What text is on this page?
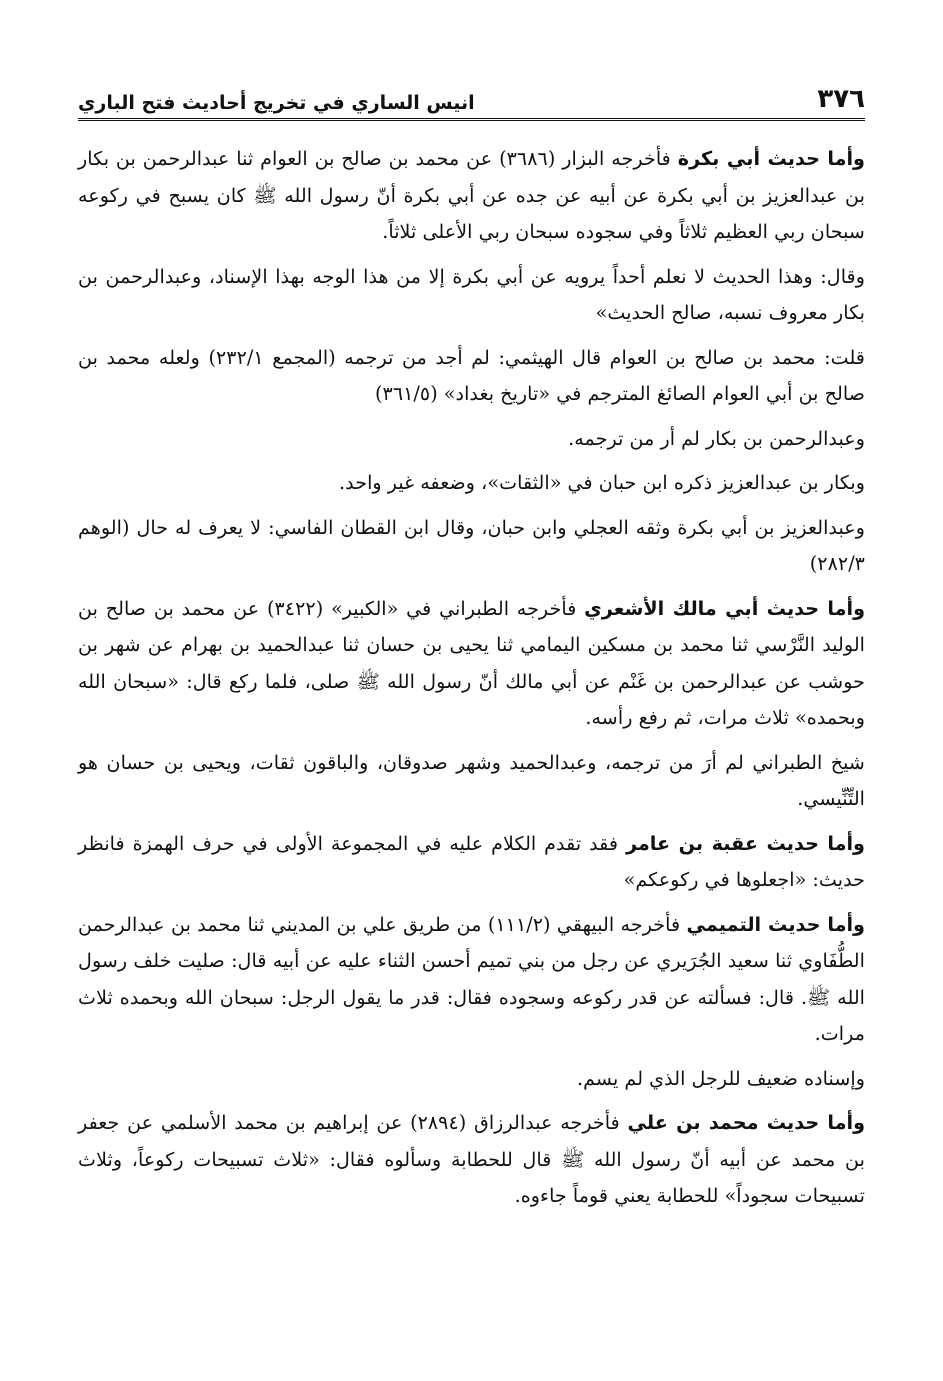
٣٧٦
انيس الساري في تخريج أحاديث فتح الباري

وأما حديث أبي بكرة فأخرجه البزار (٣٦٨٦) عن محمد بن صالح بن العوام ثنا عبدالرحمن بن بكار بن عبدالعزيز بن أبي بكرة عن أبيه عن جده عن أبي بكرة أنّ رسول الله ﷺ كان يسبح في ركوعه سبحان ربي العظيم ثلاثاً وفي سجوده سبحان ربي الأعلى ثلاثاً.

وقال: وهذا الحديث لا نعلم أحداً يرويه عن أبي بكرة إلا من هذا الوجه بهذا الإسناد، وعبدالرحمن بن بكار معروف نسبه، صالح الحديث»

قلت: محمد بن صالح بن العوام قال الهيثمي: لم أجد من ترجمه (المجمع ٢٣٢/١) ولعله محمد بن صالح بن أبي العوام الصائغ المترجم في «تاريخ بغداد» (٣٦١/٥)

وعبدالرحمن بن بكار لم أر من ترجمه.

وبكار بن عبدالعزيز ذكره ابن حبان في «الثقات»، وضعفه غير واحد.

وعبدالعزيز بن أبي بكرة وثقه العجلي وابن حبان، وقال ابن القطان الفاسي: لا يعرف له حال (الوهم ٢٨٢/٣)

وأما حديث أبي مالك الأشعري فأخرجه الطبراني في «الكبير» (٣٤٢٢) عن محمد بن صالح بن الوليد النَّرْسي ثنا محمد بن مسكين اليمامي ثنا يحيى بن حسان ثنا عبدالحميد بن بهرام عن شهر بن حوشب عن عبدالرحمن بن غَنْم عن أبي مالك أنّ رسول الله ﷺ صلى، فلما ركع قال: «سبحان الله وبحمده» ثلاث مرات، ثم رفع رأسه.

شيخ الطبراني لم أرَ من ترجمه، وعبدالحميد وشهر صدوقان، والباقون ثقات، ويحيى بن حسان هو التِّنِّيسي.

وأما حديث عقبة بن عامر فقد تقدم الكلام عليه في المجموعة الأولى في حرف الهمزة فانظر حديث: «اجعلوها في ركوعكم»

وأما حديث التميمي فأخرجه البيهقي (١١١/٢) من طريق علي بن المديني ثنا محمد بن عبدالرحمن الطُّفَاوي ثنا سعيد الجُرَيري عن رجل من بني تميم أحسن الثناء عليه عن أبيه قال: صليت خلف رسول الله ﷺ. قال: فسألته عن قدر ركوعه وسجوده فقال: قدر ما يقول الرجل: سبحان الله وبحمده ثلاث مرات.

وإسناده ضعيف للرجل الذي لم يسم.

وأما حديث محمد بن علي فأخرجه عبدالرزاق (٢٨٩٤) عن إبراهيم بن محمد الأسلمي عن جعفر بن محمد عن أبيه أنّ رسول الله ﷺ قال للحطابة وسألوه فقال: «ثلاث تسبيحات ركوعاً، وثلاث تسبيحات سجوداً» للحطابة يعني قوماً جاءوه.
